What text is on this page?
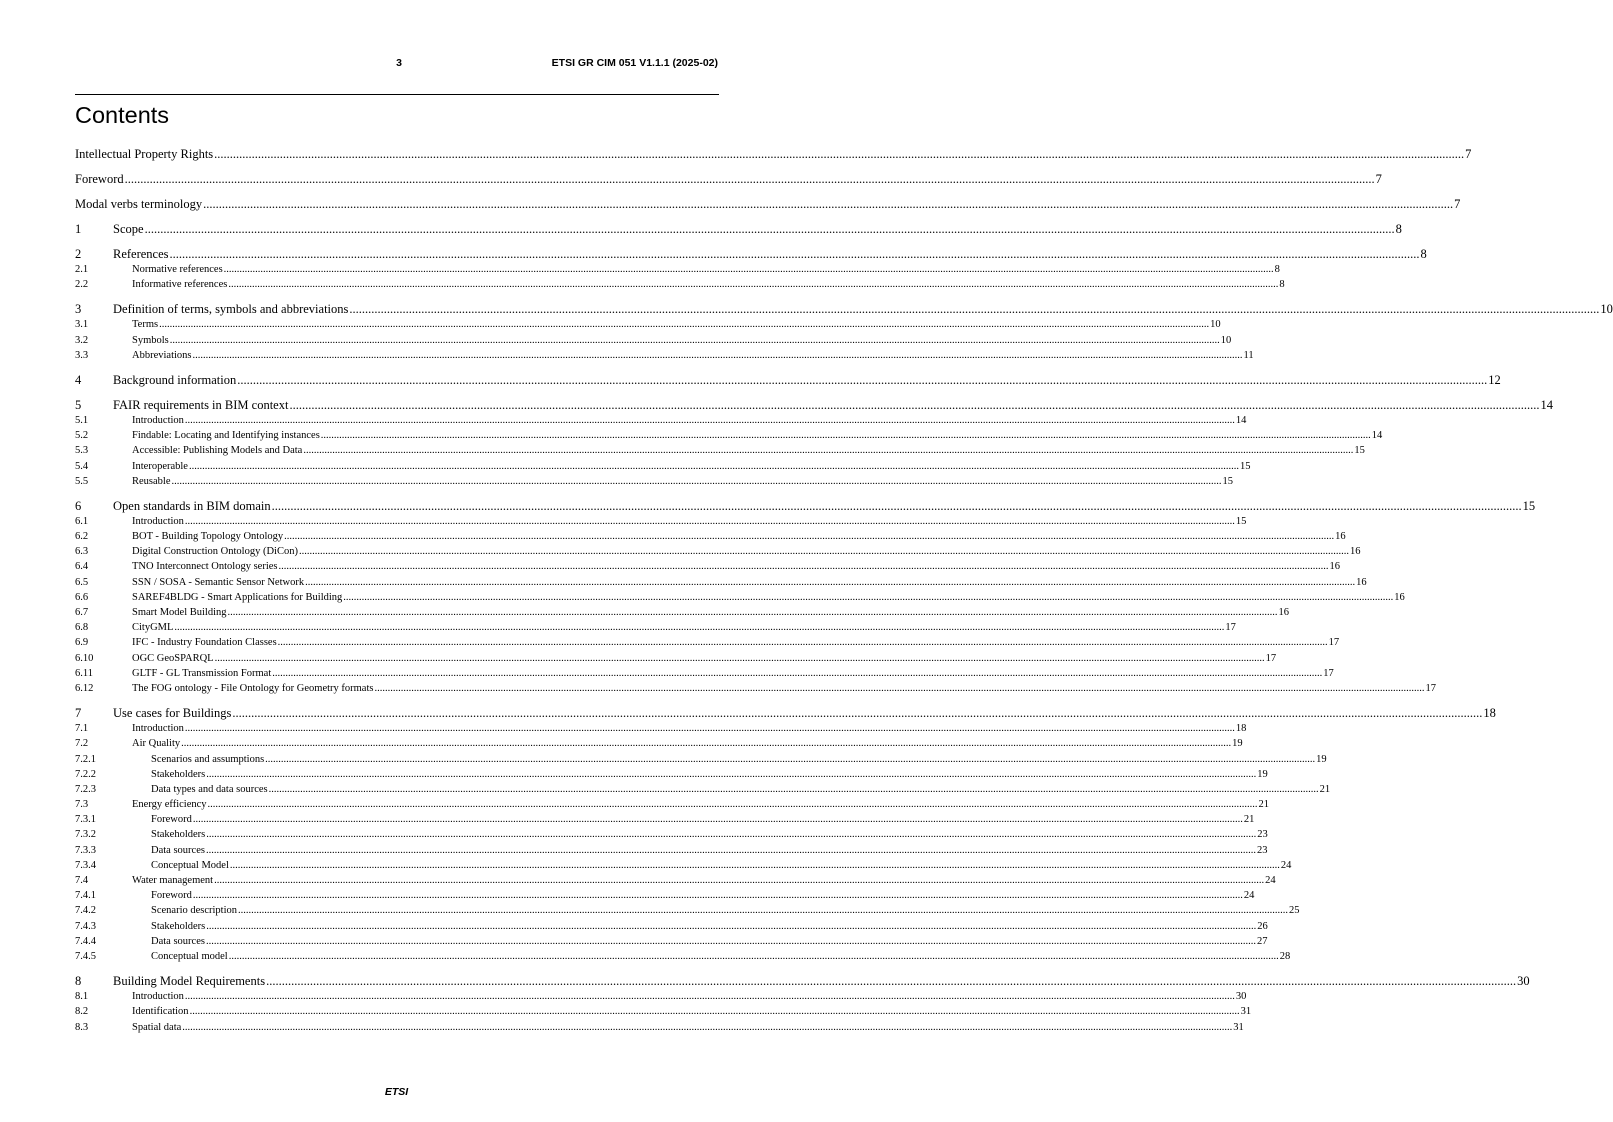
3	ETSI GR CIM 051 V1.1.1 (2025-02)
Contents
Intellectual Property Rights ................................................................................................................................................................................................................................................................................................................................................................................................................ 7
Foreword ................................................................................................................................................................................................................................................................................................................................................................................................................ 7
Modal verbs terminology ................................................................................................................................................................................................................................................................................................................................................................................................................ 7
1	Scope ................................................................................................................................................................................................................................................................................................................................................................................................................ 8
2	References ................................................................................................................................................................................................................................................................................................................................................................................................................ 8
2.1	Normative references ................................................................................................................................................................................................................................................................................................................................................................................................................ 8
2.2	Informative references ................................................................................................................................................................................................................................................................................................................................................................................................................ 8
3	Definition of terms, symbols and abbreviations ................................................................................................................................................................................................................................................................................................................................................................................................................ 10
3.1	Terms ................................................................................................................................................................................................................................................................................................................................................................................................................ 10
3.2	Symbols ................................................................................................................................................................................................................................................................................................................................................................................................................ 10
3.3	Abbreviations ................................................................................................................................................................................................................................................................................................................................................................................................................ 11
4	Background information ................................................................................................................................................................................................................................................................................................................................................................................................................ 12
5	FAIR requirements in BIM context ................................................................................................................................................................................................................................................................................................................................................................................................................ 14
5.1	Introduction ................................................................................................................................................................................................................................................................................................................................................................................................................ 14
5.2	Findable: Locating and Identifying instances ................................................................................................................................................................................................................................................................................................................................................................................................................ 14
5.3	Accessible: Publishing Models and Data ................................................................................................................................................................................................................................................................................................................................................................................................................ 15
5.4	Interoperable ................................................................................................................................................................................................................................................................................................................................................................................................................ 15
5.5	Reusable ................................................................................................................................................................................................................................................................................................................................................................................................................ 15
6	Open standards in BIM domain ................................................................................................................................................................................................................................................................................................................................................................................................................ 15
6.1	Introduction ................................................................................................................................................................................................................................................................................................................................................................................................................ 15
6.2	BOT - Building Topology Ontology ................................................................................................................................................................................................................................................................................................................................................................................................................ 16
6.3	Digital Construction Ontology (DiCon) ................................................................................................................................................................................................................................................................................................................................................................................................................ 16
6.4	TNO Interconnect Ontology series ................................................................................................................................................................................................................................................................................................................................................................................................................ 16
6.5	SSN / SOSA - Semantic Sensor Network ................................................................................................................................................................................................................................................................................................................................................................................................................ 16
6.6	SAREF4BLDG - Smart Applications for Building ................................................................................................................................................................................................................................................................................................................................................................................................................ 16
6.7	Smart Model Building ................................................................................................................................................................................................................................................................................................................................................................................................................ 16
6.8	CityGML ................................................................................................................................................................................................................................................................................................................................................................................................................ 17
6.9	IFC - Industry Foundation Classes ................................................................................................................................................................................................................................................................................................................................................................................................................ 17
6.10	OGC GeoSPARQL ................................................................................................................................................................................................................................................................................................................................................................................................................ 17
6.11	GLTF - GL Transmission Format ................................................................................................................................................................................................................................................................................................................................................................................................................ 17
6.12	The FOG ontology - File Ontology for Geometry formats ................................................................................................................................................................................................................................................................................................................................................................................................................ 17
7	Use cases for Buildings ................................................................................................................................................................................................................................................................................................................................................................................................................ 18
7.1	Introduction ................................................................................................................................................................................................................................................................................................................................................................................................................ 18
7.2	Air Quality ................................................................................................................................................................................................................................................................................................................................................................................................................ 19
7.2.1	Scenarios and assumptions ................................................................................................................................................................................................................................................................................................................................................................................................................ 19
7.2.2	Stakeholders ................................................................................................................................................................................................................................................................................................................................................................................................................ 19
7.2.3	Data types and data sources ................................................................................................................................................................................................................................................................................................................................................................................................................ 21
7.3	Energy efficiency ................................................................................................................................................................................................................................................................................................................................................................................................................ 21
7.3.1	Foreword ................................................................................................................................................................................................................................................................................................................................................................................................................ 21
7.3.2	Stakeholders ................................................................................................................................................................................................................................................................................................................................................................................................................ 23
7.3.3	Data sources ................................................................................................................................................................................................................................................................................................................................................................................................................ 23
7.3.4	Conceptual Model ................................................................................................................................................................................................................................................................................................................................................................................................................ 24
7.4	Water management ................................................................................................................................................................................................................................................................................................................................................................................................................ 24
7.4.1	Foreword ................................................................................................................................................................................................................................................................................................................................................................................................................ 24
7.4.2	Scenario description ................................................................................................................................................................................................................................................................................................................................................................................................................ 25
7.4.3	Stakeholders ................................................................................................................................................................................................................................................................................................................................................................................................................ 26
7.4.4	Data sources ................................................................................................................................................................................................................................................................................................................................................................................................................ 27
7.4.5	Conceptual model ................................................................................................................................................................................................................................................................................................................................................................................................................ 28
8	Building Model Requirements ................................................................................................................................................................................................................................................................................................................................................................................................................ 30
8.1	Introduction ................................................................................................................................................................................................................................................................................................................................................................................................................ 30
8.2	Identification ................................................................................................................................................................................................................................................................................................................................................................................................................ 31
8.3	Spatial data ................................................................................................................................................................................................................................................................................................................................................................................................................ 31
ETSI
